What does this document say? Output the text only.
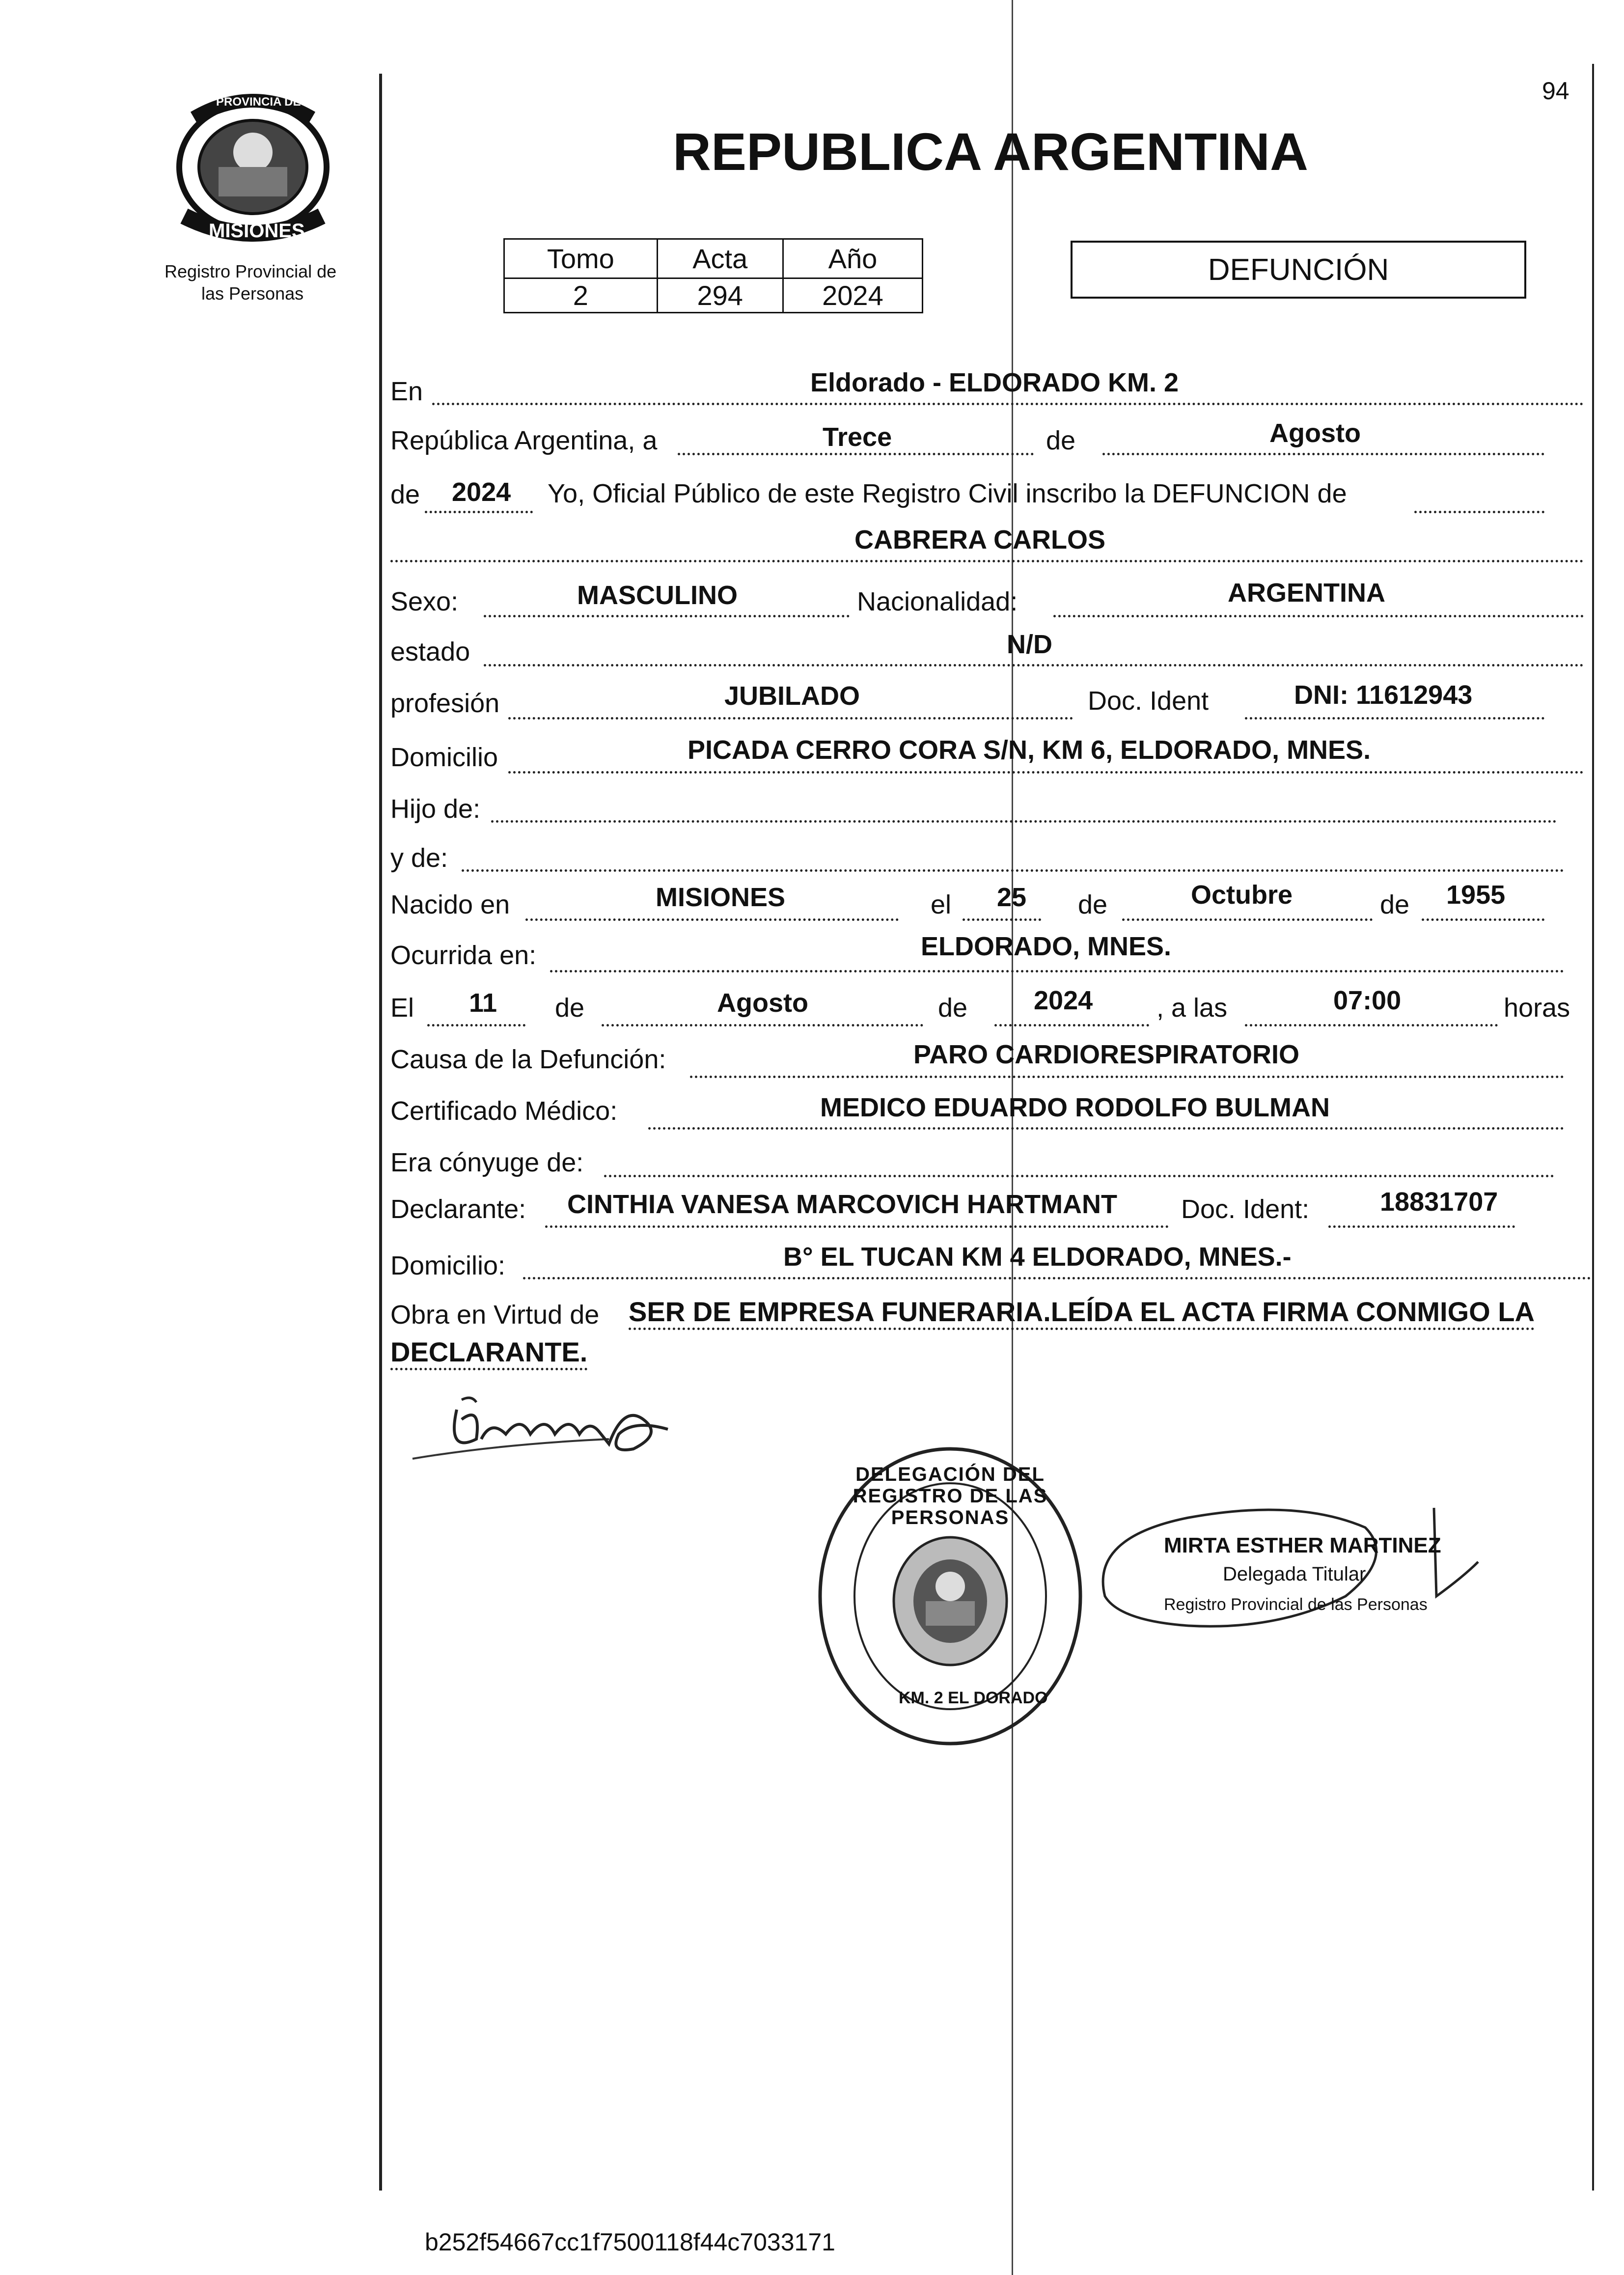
94
PROVINCIA DE
MISIONES
Registro Provincial de
las Personas
REPUBLICA ARGENTINA
Tomo	Acta	Año
2	294	2024
DEFUNCIÓN
En	Eldorado - ELDORADO KM. 2
República Argentina, a	Trece	de	Agosto
de 2024 Yo, Oficial Público de este Registro Civil inscribo la DEFUNCION de
CABRERA CARLOS
Sexo:	MASCULINO	Nacionalidad:	ARGENTINA
estado	N/D
profesión	JUBILADO	Doc. Ident	DNI: 11612943
Domicilio	PICADA CERRO CORA S/N, KM 6, ELDORADO, MNES.
Hijo de:
y de:
Nacido en	MISIONES	el 25 de	Octubre	de 1955
Ocurrida en:	ELDORADO, MNES.
El 11 de	Agosto	de 2024 , a las	07:00	horas
Causa de la Defunción:	PARO CARDIORESPIRATORIO
Certificado Médico:	MEDICO EDUARDO RODOLFO BULMAN
Era cónyuge de:
Declarante: CINTHIA VANESA MARCOVICH HARTMANT Doc. Ident:	18831707
Domicilio:	B° EL TUCAN KM 4 ELDORADO, MNES.-
Obra en Virtud de SER DE EMPRESA FUNERARIA.LEÍDA EL ACTA FIRMA CONMIGO LA
DECLARANTE.
DELEGACIÓN DEL REGISTRO DE LAS PERSONAS
KM. 2 EL DORADO
MIRTA ESTHER MARTINEZ
Delegada Titular
Registro Provincial de las Personas
b252f54667cc1f7500118f44c7033171
